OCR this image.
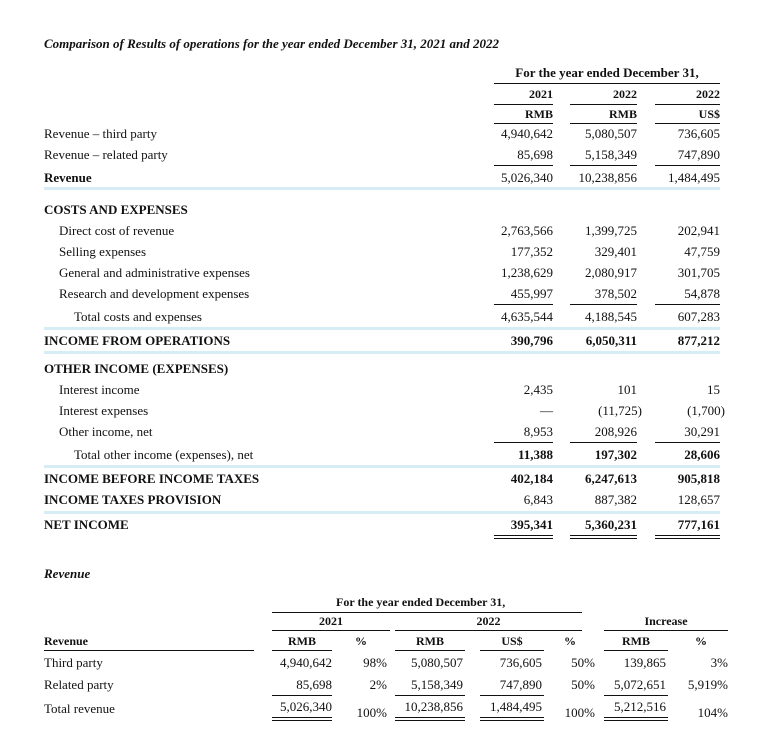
Comparison of Results of operations for the year ended December 31, 2021 and 2022
For the year ended December 31,
2021	2022	2022
RMB	RMB	US$
Revenue – third party	4,940,642	5,080,507	736,605
Revenue – related party	85,698	5,158,349	747,890
Revenue	5,026,340	10,238,856	1,484,495
COSTS AND EXPENSES
Direct cost of revenue	2,763,566	1,399,725	202,941
Selling expenses	177,352	329,401	47,759
General and administrative expenses	1,238,629	2,080,917	301,705
Research and development expenses	455,997	378,502	54,878
Total costs and expenses	4,635,544	4,188,545	607,283
INCOME FROM OPERATIONS	390,796	6,050,311	877,212
OTHER INCOME (EXPENSES)
Interest income	2,435	101	15
Interest expenses	—	(11,725)	(1,700)
Other income, net	8,953	208,926	30,291
Total other income (expenses), net	11,388	197,302	28,606
INCOME BEFORE INCOME TAXES	402,184	6,247,613	905,818
INCOME TAXES PROVISION	6,843	887,382	128,657
NET INCOME	395,341	5,360,231	777,161
Revenue
For the year ended December 31,
2021	2022	Increase
Revenue	RMB	%	RMB	US$	%	RMB	%
Third party	4,940,642	98%	5,080,507	736,605	50%	139,865	3%
Related party	85,698	2%	5,158,349	747,890	50%	5,072,651	5,919%
Total revenue	5,026,340	100%	10,238,856	1,484,495	100%	5,212,516	104%
